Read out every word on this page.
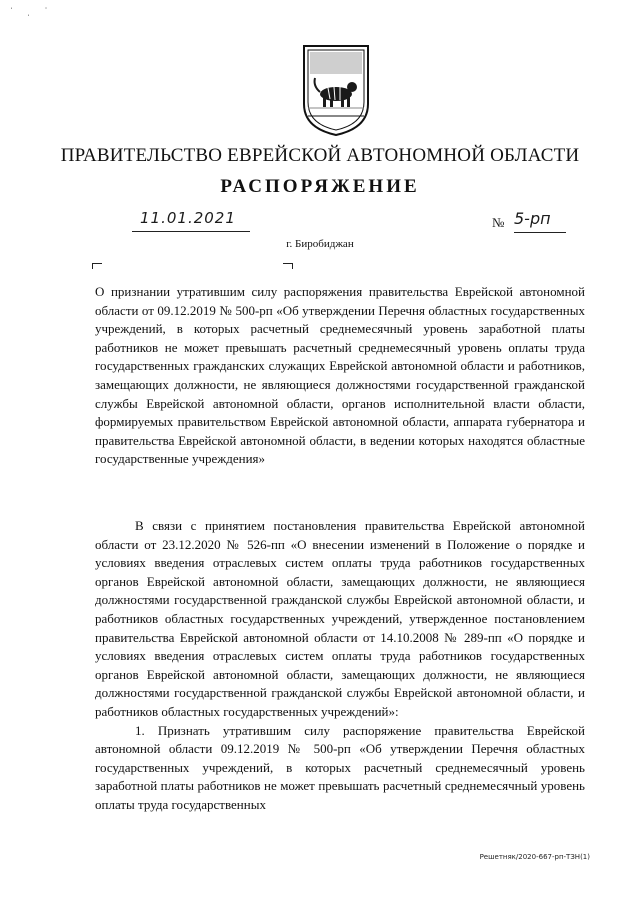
ˈ ˌ ˙
ПРАВИТЕЛЬСТВО ЕВРЕЙСКОЙ АВТОНОМНОЙ ОБЛАСТИ
РАСПОРЯЖЕНИЕ
11.01.2021	№ 5-рп
г. Биробиджан
О признании утратившим силу распоряжения правительства Еврейской автономной области от 09.12.2019 № 500-рп «Об утверждении Перечня областных государственных учреждений, в которых расчетный среднемесячный уровень заработной платы работников не может превышать расчетный среднемесячный уровень оплаты труда государственных гражданских служащих Еврейской автономной области и работников, замещающих должности, не являющиеся должностями государственной гражданской службы Еврейской автономной области, органов исполнительной власти области, формируемых правительством Еврейской автономной области, аппарата губернатора и правительства Еврейской автономной области, в ведении которых находятся областные государственные учреждения»

В связи с принятием постановления правительства Еврейской автономной области от 23.12.2020 № 526-пп «О внесении изменений в Положение о порядке и условиях введения отраслевых систем оплаты труда работников государственных органов Еврейской автономной области, замещающих должности, не являющиеся должностями государственной гражданской службы Еврейской автономной области, и работников областных государственных учреждений, утвержденное постановлением правительства Еврейской автономной области от 14.10.2008 № 289-пп «О порядке и условиях введения отраслевых систем оплаты труда работников государственных органов Еврейской автономной области, замещающих должности, не являющиеся должностями государственной гражданской службы Еврейской автономной области, и работников областных государственных учреждений»:

1. Признать утратившим силу распоряжение правительства Еврейской автономной области 09.12.2019 № 500-рп «Об утверждении Перечня областных государственных учреждений, в которых расчетный среднемесячный уровень заработной платы работников не может превышать расчетный среднемесячный уровень оплаты труда государственных

Решетняк/2020-667-рп-ТЗН(1)
